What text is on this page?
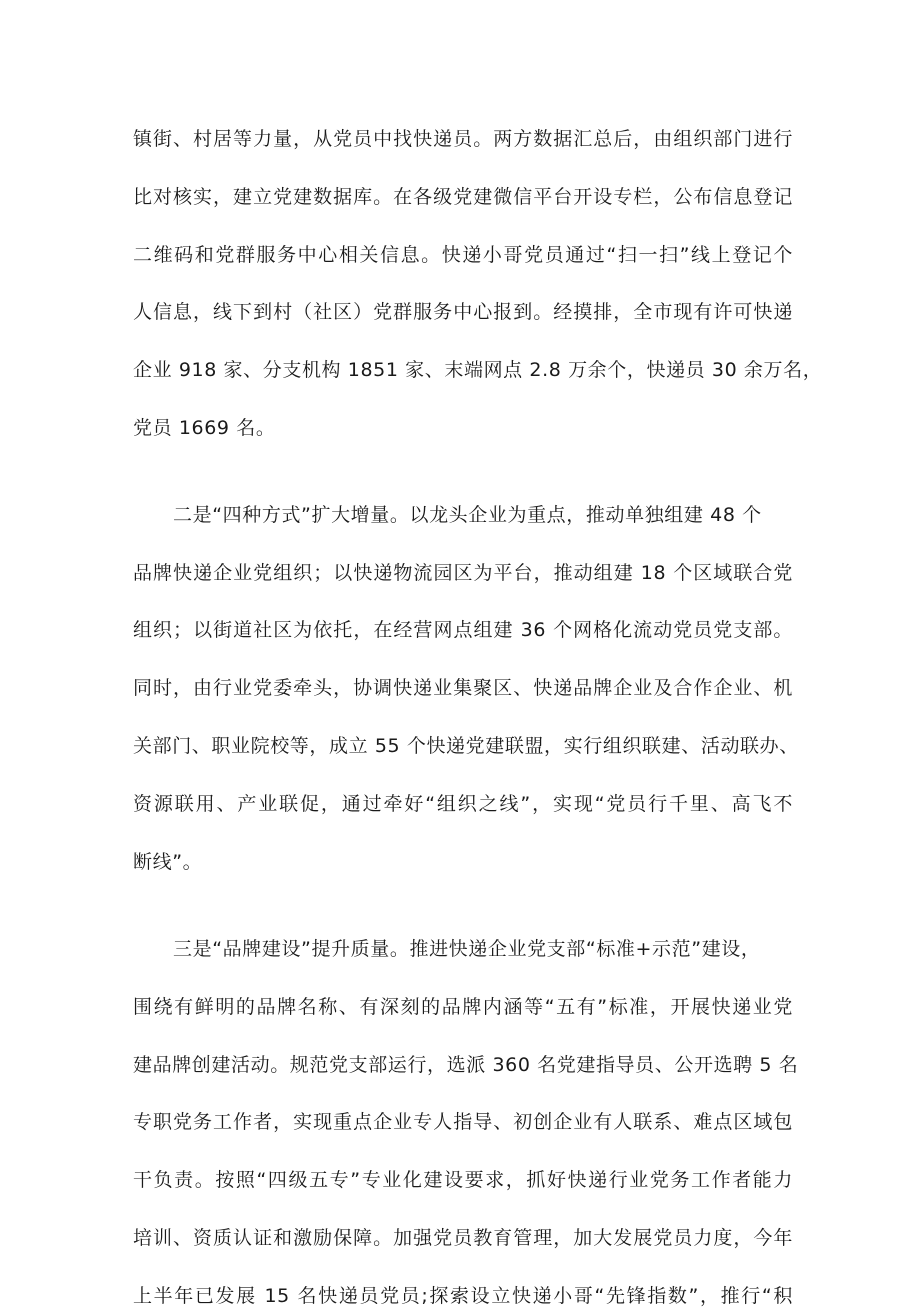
镇街、村居等力量，从党员中找快递员。两方数据汇总后，由组织部门进行
比对核实，建立党建数据库。在各级党建微信平台开设专栏，公布信息登记
二维码和党群服务中心相关信息。快递小哥党员通过“扫一扫”线上登记个
人信息，线下到村（社区）党群服务中心报到。经摸排，全市现有许可快递
企业 918 家、分支机构 1851 家、末端网点 2.8 万余个，快递员 30 余万名，
党员 1669 名。
二是“四种方式”扩大增量。以龙头企业为重点，推动单独组建 48 个
品牌快递企业党组织；以快递物流园区为平台，推动组建 18 个区域联合党
组织；以街道社区为依托，在经营网点组建 36 个网格化流动党员党支部。
同时，由行业党委牵头，协调快递业集聚区、快递品牌企业及合作企业、机
关部门、职业院校等，成立 55 个快递党建联盟，实行组织联建、活动联办、
资源联用、产业联促，通过牵好“组织之线”，实现“党员行千里、高飞不
断线”。
三是“品牌建设”提升质量。推进快递企业党支部“标准+示范”建设，
围绕有鲜明的品牌名称、有深刻的品牌内涵等“五有”标准，开展快递业党
建品牌创建活动。规范党支部运行，选派 360 名党建指导员、公开选聘 5 名
专职党务工作者，实现重点企业专人指导、初创企业有人联系、难点区域包
干负责。按照“四级五专”专业化建设要求，抓好快递行业党务工作者能力
培训、资质认证和激励保障。加强党员教育管理，加大发展党员力度，今年
上半年已发展 15 名快递员党员;探索设立快递小哥“先锋指数”，推行“积
